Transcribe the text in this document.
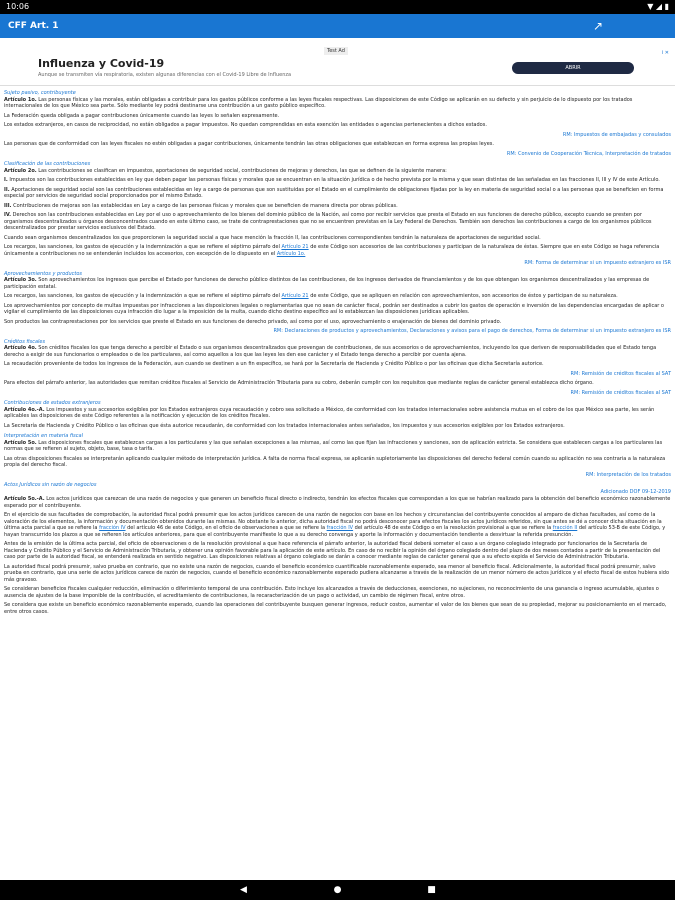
10:06	▼ ◢ ▮
CFF Art. 1	↗
Test Ad	i ✕
Influenza y Covid-19
Aunque se transmiten vía respiratoria, existen algunas diferencias con el Covid-19 Libre de Influenza
ABRIR
Sujeto pasivo, contribuyente
Artículo 1o. Las personas físicas y las morales, están obligadas a contribuir para los gastos públicos conforme a las leyes fiscales respectivas. Las disposiciones de este Código se aplicarán en su defecto y sin perjuicio de lo dispuesto por los tratados internacionales de los que México sea parte. Sólo mediante ley podrá destinarse una contribución a un gasto público específico.
La Federación queda obligada a pagar contribuciones únicamente cuando las leyes lo señalen expresamente.
Los estados extranjeros, en casos de reciprocidad, no están obligados a pagar impuestos. No quedan comprendidas en esta exención las entidades o agencias pertenecientes a dichos estados.
RM: Impuestos de embajadas y consulados
Las personas que de conformidad con las leyes fiscales no estén obligadas a pagar contribuciones, únicamente tendrán las otras obligaciones que establezcan en forma expresa las propias leyes.
RM: Convenio de Cooperación Técnica, Interpretación de tratados
Clasificación de las contribuciones
Artículo 2o. Las contribuciones se clasifican en impuestos, aportaciones de seguridad social, contribuciones de mejoras y derechos, las que se definen de la siguiente manera:
I. Impuestos son las contribuciones establecidas en ley que deben pagar las personas físicas y morales que se encuentran en la situación jurídica o de hecho prevista por la misma y que sean distintas de las señaladas en las fracciones II, III y IV de este Artículo.
II. Aportaciones de seguridad social son las contribuciones establecidas en ley a cargo de personas que son sustituidas por el Estado en el cumplimiento de obligaciones fijadas por la ley en materia de seguridad social o a las personas que se beneficien en forma especial por servicios de seguridad social proporcionados por el mismo Estado.
III. Contribuciones de mejoras son las establecidas en Ley a cargo de las personas físicas y morales que se beneficien de manera directa por obras públicas.
IV. Derechos son las contribuciones establecidas en Ley por el uso o aprovechamiento de los bienes del dominio público de la Nación, así como por recibir servicios que presta el Estado en sus funciones de derecho público, excepto cuando se presten por organismos descentralizados u órganos desconcentrados cuando en este último caso, se trate de contraprestaciones que no se encuentren previstas en la Ley Federal de Derechos. También son derechos las contribuciones a cargo de los organismos públicos descentralizados por prestar servicios exclusivos del Estado.
Cuando sean organismos descentralizados los que proporcionen la seguridad social a que hace mención la fracción II, las contribuciones correspondientes tendrán la naturaleza de aportaciones de seguridad social.
Los recargos, las sanciones, los gastos de ejecución y la indemnización a que se refiere el séptimo párrafo del Artículo 21 de este Código son accesorios de las contribuciones y participan de la naturaleza de éstas. Siempre que en este Código se haga referencia únicamente a contribuciones no se entenderán incluidos los accesorios, con excepción de lo dispuesto en el Artículo 1o.
RM: Forma de determinar si un impuesto extranjero es ISR
Aprovechamientos y productos
Artículo 3o. Son aprovechamientos los ingresos que percibe el Estado por funciones de derecho público distintos de las contribuciones, de los ingresos derivados de financiamientos y de los que obtengan los organismos descentralizados y las empresas de participación estatal.
Los recargos, las sanciones, los gastos de ejecución y la indemnización a que se refiere el séptimo párrafo del Artículo 21 de este Código, que se apliquen en relación con aprovechamientos, son accesorios de éstos y participan de su naturaleza.
Los aprovechamientos por concepto de multas impuestas por infracciones a las disposiciones legales o reglamentarias que no sean de carácter fiscal, podrán ser destinados a cubrir los gastos de operación e inversión de las dependencias encargadas de aplicar o vigilar el cumplimiento de las disposiciones cuya infracción dio lugar a la imposición de la multa, cuando dicho destino específico así lo establezcan las disposiciones jurídicas aplicables.
Son productos las contraprestaciones por los servicios que preste el Estado en sus funciones de derecho privado, así como por el uso, aprovechamiento o enajenación de bienes del dominio privado.
RM: Declaraciones de productos y aprovechamientos, Declaraciones y avisos para el pago de derechos, Forma de determinar si un impuesto extranjero es ISR
Créditos fiscales
Artículo 4o. Son créditos fiscales los que tenga derecho a percibir el Estado o sus organismos descentralizados que provengan de contribuciones, de sus accesorios o de aprovechamientos, incluyendo los que deriven de responsabilidades que el Estado tenga derecho a exigir de sus funcionarios o empleados o de los particulares, así como aquellos a los que las leyes les den ese carácter y el Estado tenga derecho a percibir por cuenta ajena.
La recaudación proveniente de todos los ingresos de la Federación, aun cuando se destinen a un fin específico, se hará por la Secretaría de Hacienda y Crédito Público o por las oficinas que dicha Secretaría autorice.
RM: Remisión de créditos fiscales al SAT
Para efectos del párrafo anterior, las autoridades que remitan créditos fiscales al Servicio de Administración Tributaria para su cobro, deberán cumplir con los requisitos que mediante reglas de carácter general establezca dicho órgano.
RM: Remisión de créditos fiscales al SAT
Contribuciones de estados extranjeros
Artículo 4o.-A. Los impuestos y sus accesorios exigibles por los Estados extranjeros cuya recaudación y cobro sea solicitado a México, de conformidad con los tratados internacionales sobre asistencia mutua en el cobro de los que México sea parte, les serán aplicables las disposiciones de este Código referentes a la notificación y ejecución de los créditos fiscales.
La Secretaría de Hacienda y Crédito Público o las oficinas que ésta autorice recaudarán, de conformidad con los tratados internacionales antes señalados, los impuestos y sus accesorios exigibles por los Estados extranjeros.
Interpretación en materia fiscal
Artículo 5o. Las disposiciones fiscales que establezcan cargas a los particulares y las que señalan excepciones a las mismas, así como las que fijan las infracciones y sanciones, son de aplicación estricta. Se considera que establecen cargas a los particulares las normas que se refieren al sujeto, objeto, base, tasa o tarifa.
Las otras disposiciones fiscales se interpretarán aplicando cualquier método de interpretación jurídica. A falta de norma fiscal expresa, se aplicarán supletoriamente las disposiciones del derecho federal común cuando su aplicación no sea contraria a la naturaleza propia del derecho fiscal.
RM: Interpretación de los tratados
Actos Jurídicos sin razón de negocios
Adicionado DOF 09-12-2019
Artículo 5o.-A. Los actos jurídicos que carezcan de una razón de negocios y que generen un beneficio fiscal directo o indirecto, tendrán los efectos fiscales que correspondan a los que se habrían realizado para la obtención del beneficio económico razonablemente esperado por el contribuyente.
En el ejercicio de sus facultades de comprobación, la autoridad fiscal podrá presumir que los actos jurídicos carecen de una razón de negocios con base en los hechos y circunstancias del contribuyente conocidos al amparo de dichas facultades, así como de la valoración de los elementos, la información y documentación obtenidos durante las mismas. No obstante lo anterior, dicha autoridad fiscal no podrá desconocer para efectos fiscales los actos jurídicos referidos, sin que antes se dé a conocer dicha situación en la última acta parcial a que se refiere la fracción IV del artículo 46 de este Código, en el oficio de observaciones a que se refiere la fracción IV del artículo 48 de este Código o en la resolución provisional a que se refiere la fracción II del artículo 53-B de este Código, y hayan transcurrido los plazos a que se refieren los artículos anteriores, para que el contribuyente manifieste lo que a su derecho convenga y aporte la información y documentación tendiente a desvirtuar la referida presunción.
Antes de la emisión de la última acta parcial, del oficio de observaciones o de la resolución provisional a que hace referencia el párrafo anterior, la autoridad fiscal deberá someter el caso a un órgano colegiado integrado por funcionarios de la Secretaría de Hacienda y Crédito Público y el Servicio de Administración Tributaria, y obtener una opinión favorable para la aplicación de este artículo. En caso de no recibir la opinión del órgano colegiado dentro del plazo de dos meses contados a partir de la presentación del caso por parte de la autoridad fiscal, se entenderá realizada en sentido negativo. Las disposiciones relativas al órgano colegiado se darán a conocer mediante reglas de carácter general que a su efecto expida el Servicio de Administración Tributaria.
La autoridad fiscal podrá presumir, salvo prueba en contrario, que no existe una razón de negocios, cuando el beneficio económico cuantificable razonablemente esperado, sea menor al beneficio fiscal. Adicionalmente, la autoridad fiscal podrá presumir, salvo prueba en contrario, que una serie de actos jurídicos carece de razón de negocios, cuando el beneficio económico razonablemente esperado pudiera alcanzarse a través de la realización de un menor número de actos jurídicos y el efecto fiscal de estos hubiera sido más gravoso.
Se consideran beneficios fiscales cualquier reducción, eliminación o diferimiento temporal de una contribución. Esto incluye los alcanzados a través de deducciones, exenciones, no sujeciones, no reconocimiento de una ganancia o ingreso acumulable, ajustes o ausencia de ajustes de la base imponible de la contribución, el acreditamiento de contribuciones, la recaracterización de un pago o actividad, un cambio de régimen fiscal, entre otros.
Se considera que existe un beneficio económico razonablemente esperado, cuando las operaciones del contribuyente busquen generar ingresos, reducir costos, aumentar el valor de los bienes que sean de su propiedad, mejorar su posicionamiento en el mercado, entre otros casos.
◀	●	■
